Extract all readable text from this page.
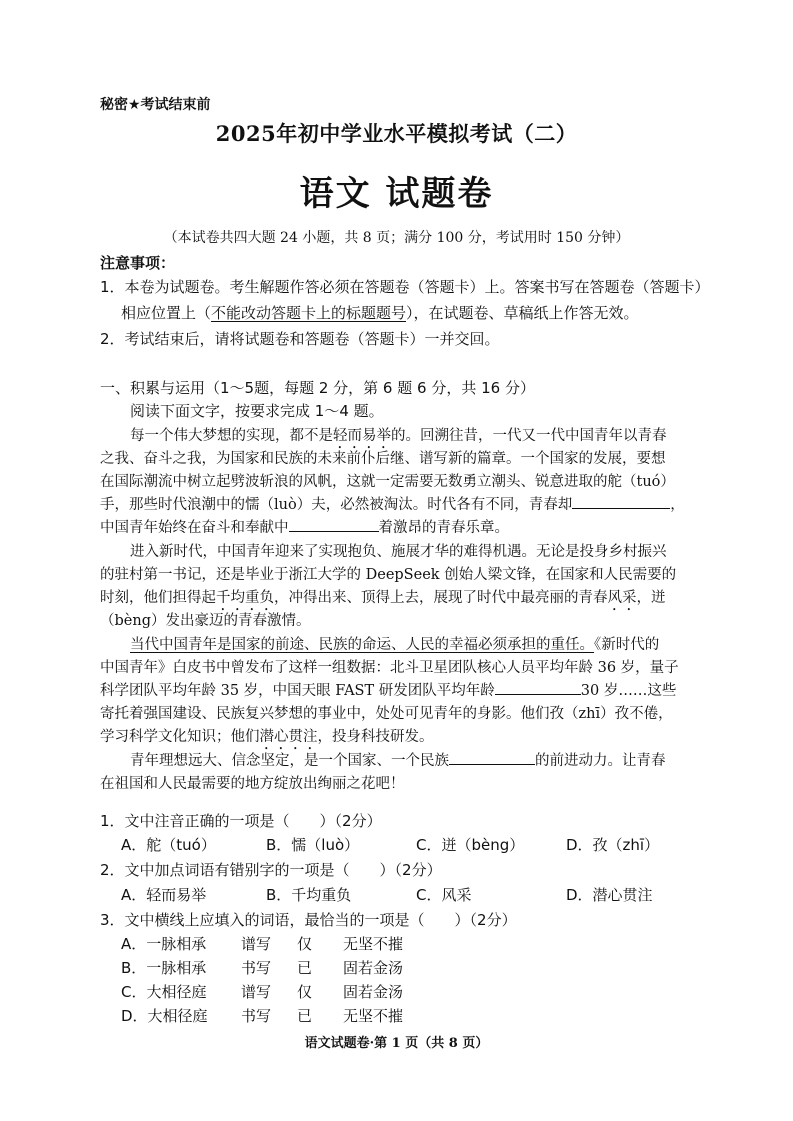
秘密★考试结束前
2025年初中学业水平模拟考试（二）
语文 试题卷
（本试卷共四大题 24 小题，共 8 页；满分 100 分，考试用时 150 分钟）
注意事项：
1．本卷为试题卷。考生解题作答必须在答题卷（答题卡）上。答案书写在答题卷（答题卡）
相应位置上（不能改动答题卡上的标题题号），在试题卷、草稿纸上作答无效。
2．考试结束后，请将试题卷和答题卷（答题卡）一并交回。
一、积累与运用（1～5题，每题 2 分，第 6 题 6 分，共 16 分）
阅读下面文字，按要求完成 1～4 题。
每一个伟大梦想的实现，都不是轻而易举的。回溯往昔，一代又一代中国青年以青春
之我、奋斗之我，为国家和民族的未来前仆后继、谱写新的篇章。一个国家的发展，要想
在国际潮流中树立起劈波斩浪的风帆，这就一定需要无数勇立潮头、锐意进取的舵（tuó）
手，那些时代浪潮中的懦（luò）夫，必然被淘汰。时代各有不同，青春却	，
中国青年始终在奋斗和奉献中	着激昂的青春乐章。
进入新时代，中国青年迎来了实现抱负、施展才华的难得机遇。无论是投身乡村振兴
的驻村第一书记，还是毕业于浙江大学的 DeepSeek 创始人梁文锋，在国家和人民需要的
时刻，他们担得起千均重负，冲得出来、顶得上去，展现了时代中最亮丽的青春风采，迸
（bèng）发出豪迈的青春激情。
当代中国青年是国家的前途、民族的命运、人民的幸福必须承担的重任。《新时代的
中国青年》白皮书中曾发布了这样一组数据：北斗卫星团队核心人员平均年龄 36 岁，量子
科学团队平均年龄 35 岁，中国天眼 FAST 研发团队平均年龄	30 岁……这些
寄托着强国建设、民族复兴梦想的事业中，处处可见青年的身影。他们孜（zhī）孜不倦，
学习科学文化知识；他们潜心贯注，投身科技研发。
青年理想远大、信念坚定，是一个国家、一个民族	的前进动力。让青春
在祖国和人民最需要的地方绽放出绚丽之花吧！
1．文中注音正确的一项是（　　）（2分）
A．舵（tuó）	B．懦（luò）	C．迸（bèng）	D．孜（zhī）
2．文中加点词语有错别字的一项是（　　）（2分）
A．轻而易举	B．千均重负	C．风采	D．潜心贯注
3．文中横线上应填入的词语，最恰当的一项是（　　）（2分）
A．一脉相承 谱写 仅 无坚不摧
B．一脉相承 书写 已 固若金汤
C．大相径庭 谱写 仅 固若金汤
D．大相径庭 书写 已 无坚不摧
语文试题卷·第 1 页（共 8 页）
